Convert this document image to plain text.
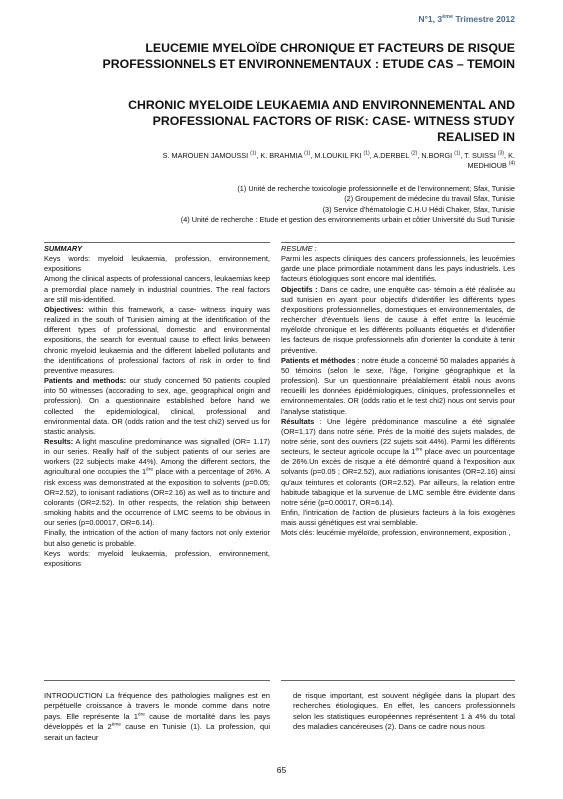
N°1, 3ème Trimestre 2012
LEUCEMIE MYELOÏDE CHRONIQUE ET FACTEURS DE RISQUE
PROFESSIONNELS ET ENVIRONNEMENTAUX : ETUDE CAS – TEMOIN
CHRONIC MYELOIDE LEUKAEMIA AND ENVIRONNEMENTAL AND
PROFESSIONAL FACTORS OF RISK: CASE- WITNESS STUDY
REALISED IN
S. MAROUEN JAMOUSSI $^{(1)}$, K. BRAHMIA $^{(1)}$, M.LOUKIL FKI $^{(1)}$, A.DERBEL $^{(2)}$, N.BORGI $^{(1)}$, T. SUISSI $^{(3)}$, K.
MEDHIOUB $^{(4)}$
(1) Unité de recherche toxicologie professionnelle et de l'environnement; Sfax, Tunisie
(2) Groupement de médecine du travail Sfax, Tunisie
(3) Service d'hématologie C.H.U Hédi Chaker, Sfax, Tunisie
(4) Unité de recherche : Etude et gestion des environnements urbain et côtier Université du Sud Tunisie

SUMMARY

Keys words: myeloid leukaemia, profession, environnement, expositions

Among the clinical aspects of professional cancers, leukaemias keep a premordial place namely in industrial countries. The real factors are still mis-identified.

Objectives: within this framework, a case- witness inquiry was realized in the south of Tunisien aiming at the identification of the different types of professional, domestic and environmental expositions, the search for eventual cause to effect links between chronic myeloid leukaemia and the different labelled pollutants and the identifications of professional factors of risk in order to find preventive measures.

Patients and methods: our study concerned 50 patients coupled into 50 witnesses (accorading to sex, age, geographical origin and profession). On a questionnaire established before hand we collected the epidemiological, clinical, professional and environmental data. OR (odds ration and the test chi2) served us for stastic analysis.

Results: A light masculine predominance was signalled (OR= 1.17) in our series. Really half of the subject patients of our series are workers (22 subjects make 44%). Among the different sectors, the agricultural one occupies the 1ère place with a percentage of 26%. A risk excess was demonstrated at the exposition to solvents (p=0.05; OR=2.52), to ionisant radiations (OR=2.16) as well as to tincture and colorants (OR=2.52). In other respects, the relation ship between smoking habits and the occurrence of LMC seems to be obvious in our series (p=0.00017, OR=6.14).

Finally, the intrication of the action of many factors not only exterior but also genetic is probable.

Keys words: myeloid leukaemia, profession, environnement, expositions

RESUME :

Parmi les aspects cliniques des cancers professionnels, les leucémies garde une place primordiale notamment dans les pays industriels. Les facteurs étiologiques sont encore mal identifiés.

Objectifs : Dans ce cadre, une enquête cas- témoin a été réalisée au sud tunisien en ayant pour objectifs d'identifier les différents types d'expositions professionnelles, domestiques et environnementales, de rechercher d'éventuels liens de cause à effet entre la leucémie myéloïde chronique et les différents polluants étiquetés et d'identifier les facteurs de risque professionnels afin d'orienter la conduite à tenir préventive.

Patients et méthodes : notre étude a concerné 50 malades appariés à 50 témoins (selon le sexe, l'âge, l'origine géographique et la profession). Sur un questionnaire préalablement établi nous avons recueilli les données épidémiologiques, cliniques, professionnelles et environnementales. OR (odds ratio et le test chi2) nous ont servis pour l'analyse statistique.

Résultats : Une légère prédominance masculine a été signalée (OR=1.17) dans notre série. Prés de la moitié des sujets malades, de notre série, sont des ouvriers (22 sujets soit 44%). Parmi les différents secteurs, le secteur agricole occupe la 1ère place avec un pourcentage de 26%.Un excès de risque a été démontré quand à l'exposition aux solvants (p=0.05 ; OR=2.52), aux radiations ionisantes (OR=2.16) ainsi qu'aux teintures et colorants (OR=2.52). Par ailleurs, la relation entre habitude tabagique et la survenue de LMC semble être évidente dans notre série (p=0.00017, OR=6.14).

Enfin, l'intrication de l'action de plusieurs facteurs à la fois exogènes mais aussi génétiques est vrai semblable.

Mots clés: leucémie myéloïde, profession, environnement, exposition ,

INTRODUCTION La fréquence des pathologies malignes est en perpétuelle croissance à travers le monde comme dans notre pays. Elle représente la 1ère cause de mortalité dans les pays développés et la 2ème cause en Tunisie (1). La profession, qui serait un facteur

de risque important, est souvent négligée dans la plupart des recherches étiologiques. En effet, les cancers professionnels selon les statistiques européennes représentent 1 à 4% du total des maladies cancéreuses (2). Dans ce cadre nous nous

65
